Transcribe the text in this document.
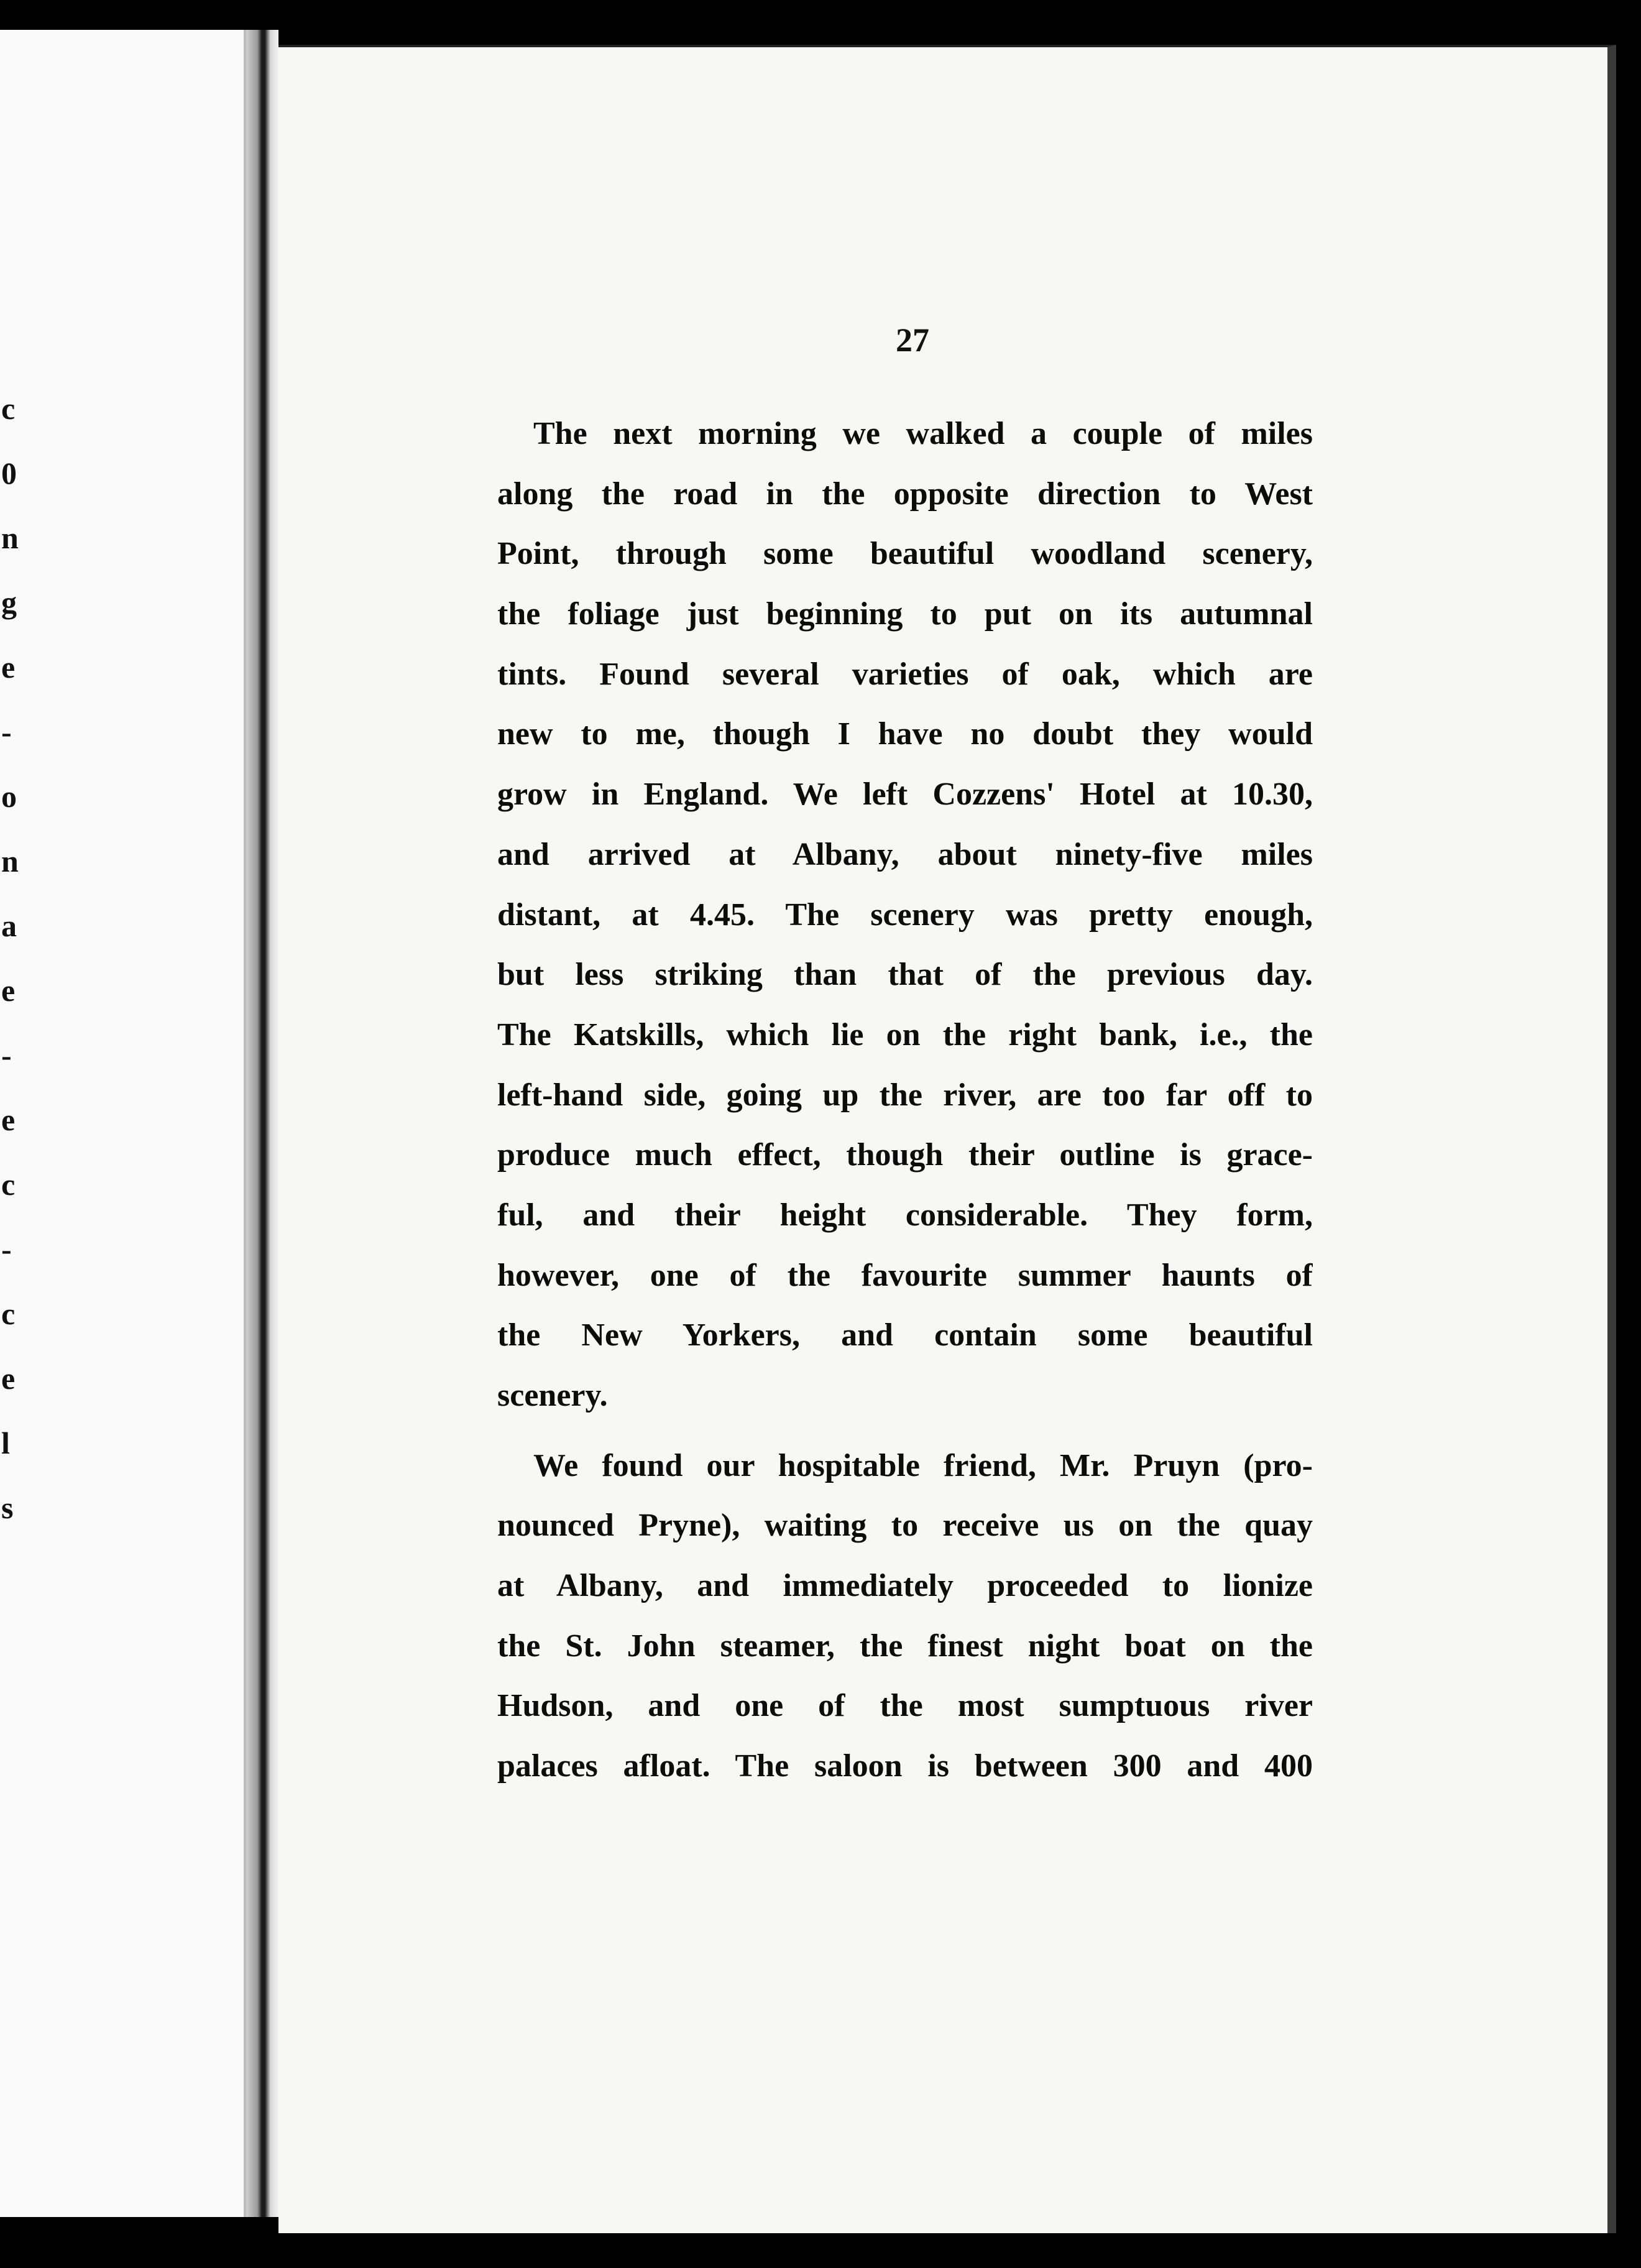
c
0
n
g
e
-
o
n
a
e
-
e
c
-
c
e
l
s
27
The next morning we walked a couple of miles
along the road in the opposite direction to West
Point, through some beautiful woodland scenery,
the foliage just beginning to put on its autumnal
tints. Found several varieties of oak, which are
new to me, though I have no doubt they would
grow in England. We left Cozzens' Hotel at 10.30,
and arrived at Albany, about ninety-five miles
distant, at 4.45. The scenery was pretty enough,
but less striking than that of the previous day.
The Katskills, which lie on the right bank, i.e., the
left-hand side, going up the river, are too far off to
produce much effect, though their outline is grace-
ful, and their height considerable. They form,
however, one of the favourite summer haunts of
the New Yorkers, and contain some beautiful
scenery.
We found our hospitable friend, Mr. Pruyn (pro-
nounced Pryne), waiting to receive us on the quay
at Albany, and immediately proceeded to lionize
the St. John steamer, the finest night boat on the
Hudson, and one of the most sumptuous river
palaces afloat. The saloon is between 300 and 400
